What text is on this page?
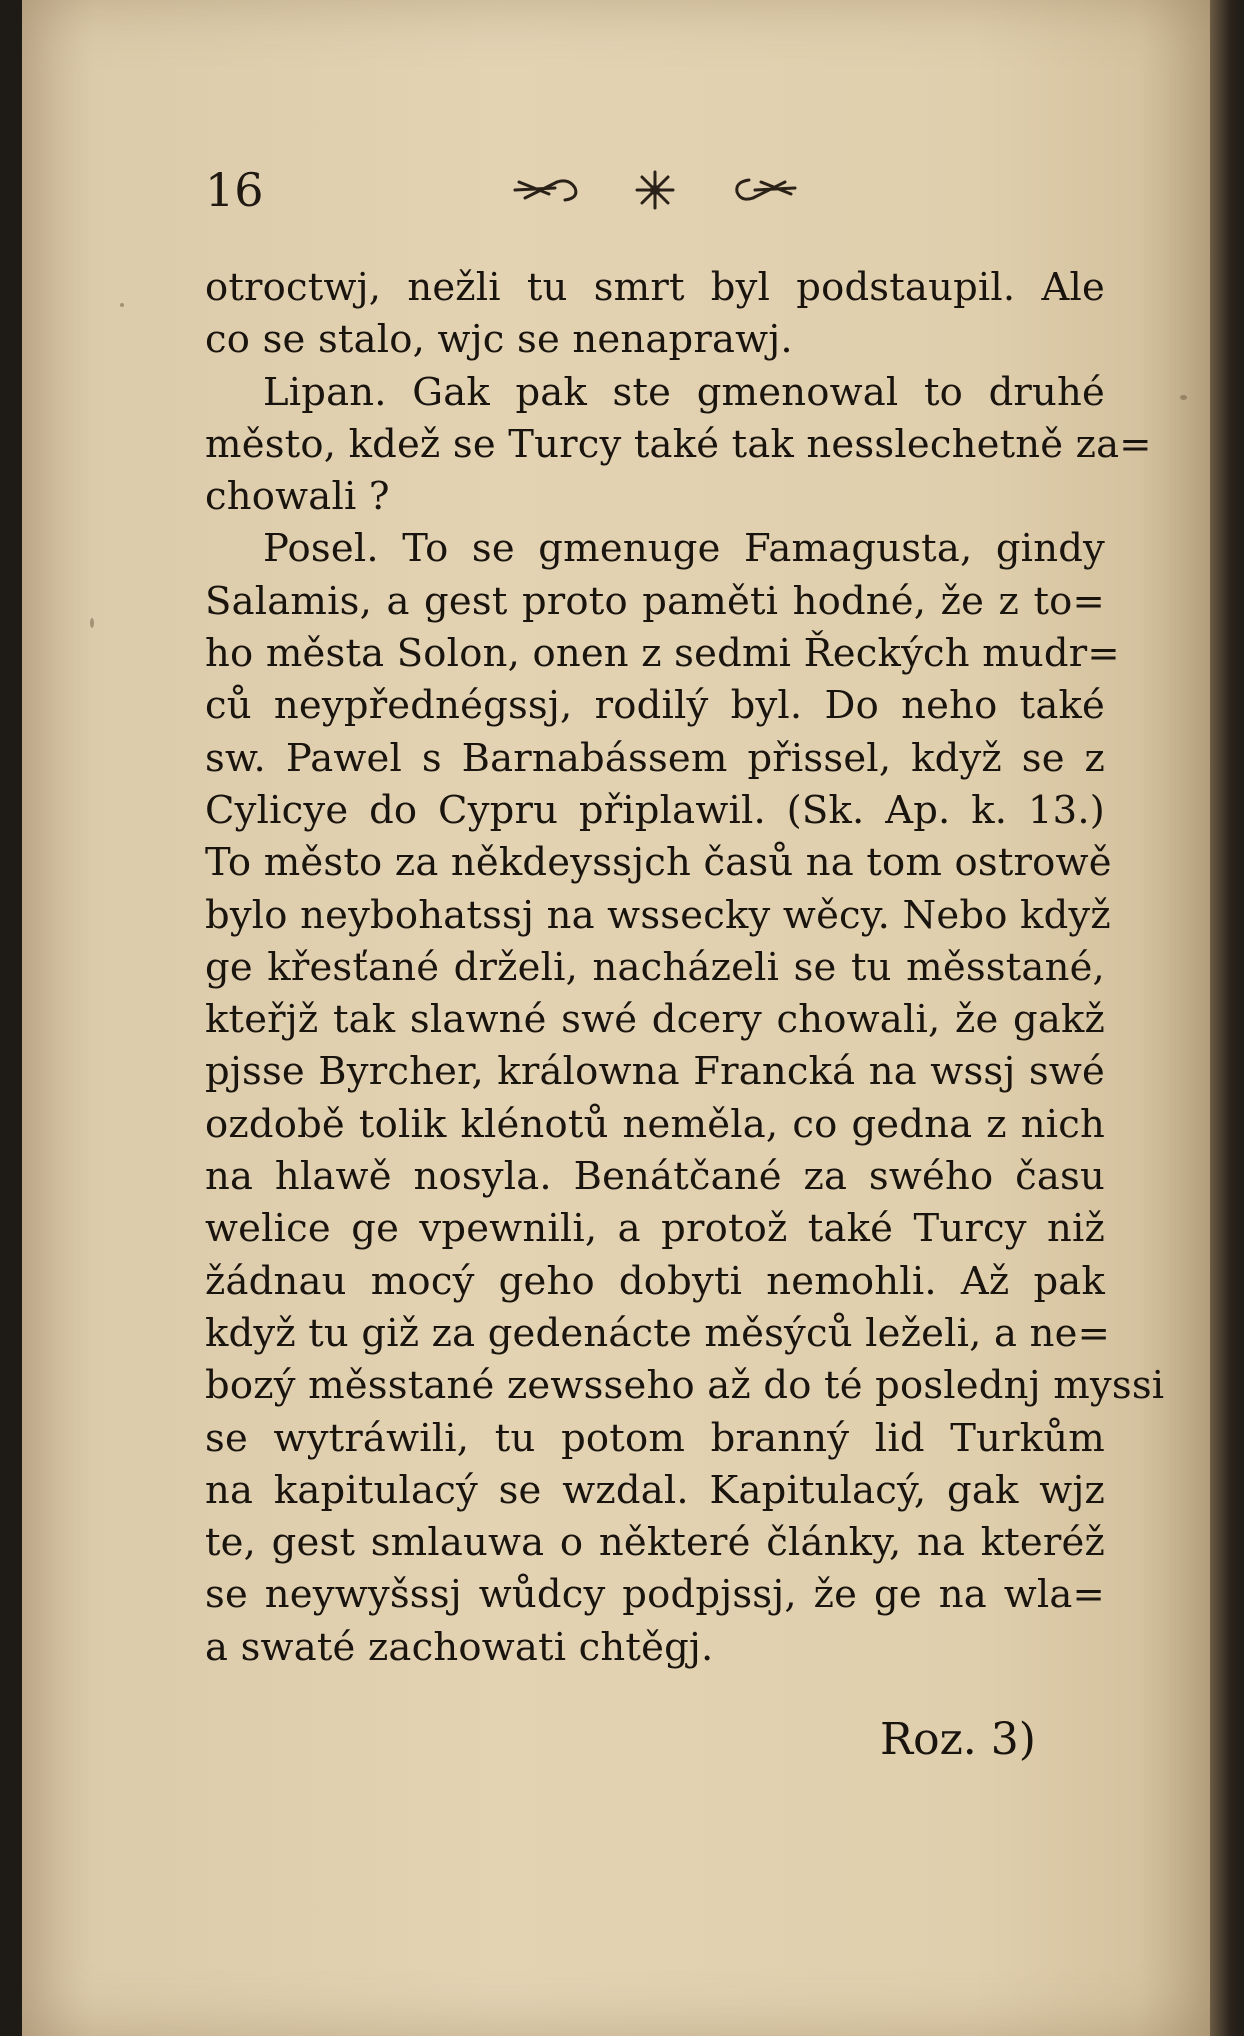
16
otroctwj, nežli tu smrt byl podstaupil. Ale
co se stalo, wjc se nenaprawj.
Lipan. Gak pak ste gmenowal to druhé
město, kdež se Turcy také tak nesslechetně za=
chowali ?
Posel. To se gmenuge Famagusta, gindy
Salamis, a gest proto paměti hodné, že z to=
ho města Solon, onen z sedmi Řeckých mudr=
ců neypřednégssj, rodilý byl. Do neho také
sw. Pawel s Barnabássem přissel, když se z
Cylicye do Cypru připlawil. (Sk. Ap. k. 13.)
To město za někdeyssjch časů na tom ostrowě
bylo neybohatssj na wssecky wěcy. Nebo když
ge křesťané drželi, nacházeli se tu měsstané,
kteřjž tak slawné swé dcery chowali, že gakž
pjsse Byrcher, králowna Francká na wssj swé
ozdobě tolik klénotů neměla, co gedna z nich
na hlawě nosyla. Benátčané za swého času
welice ge vpewnili, a protož také Turcy niž
žádnau mocý geho dobyti nemohli. Až pak
když tu giž za gedenácte měsýců leželi, a ne=
bozý měsstané zewsseho až do té poslednj myssi
se wytráwili, tu potom branný lid Turkům
na kapitulacý se wzdal. Kapitulacý, gak wjz
te, gest smlauwa o některé články, na kteréž
se neywyšssj wůdcy podpjssj, že ge na wla=
a swaté zachowati chtěgj.
Roz. 3)
